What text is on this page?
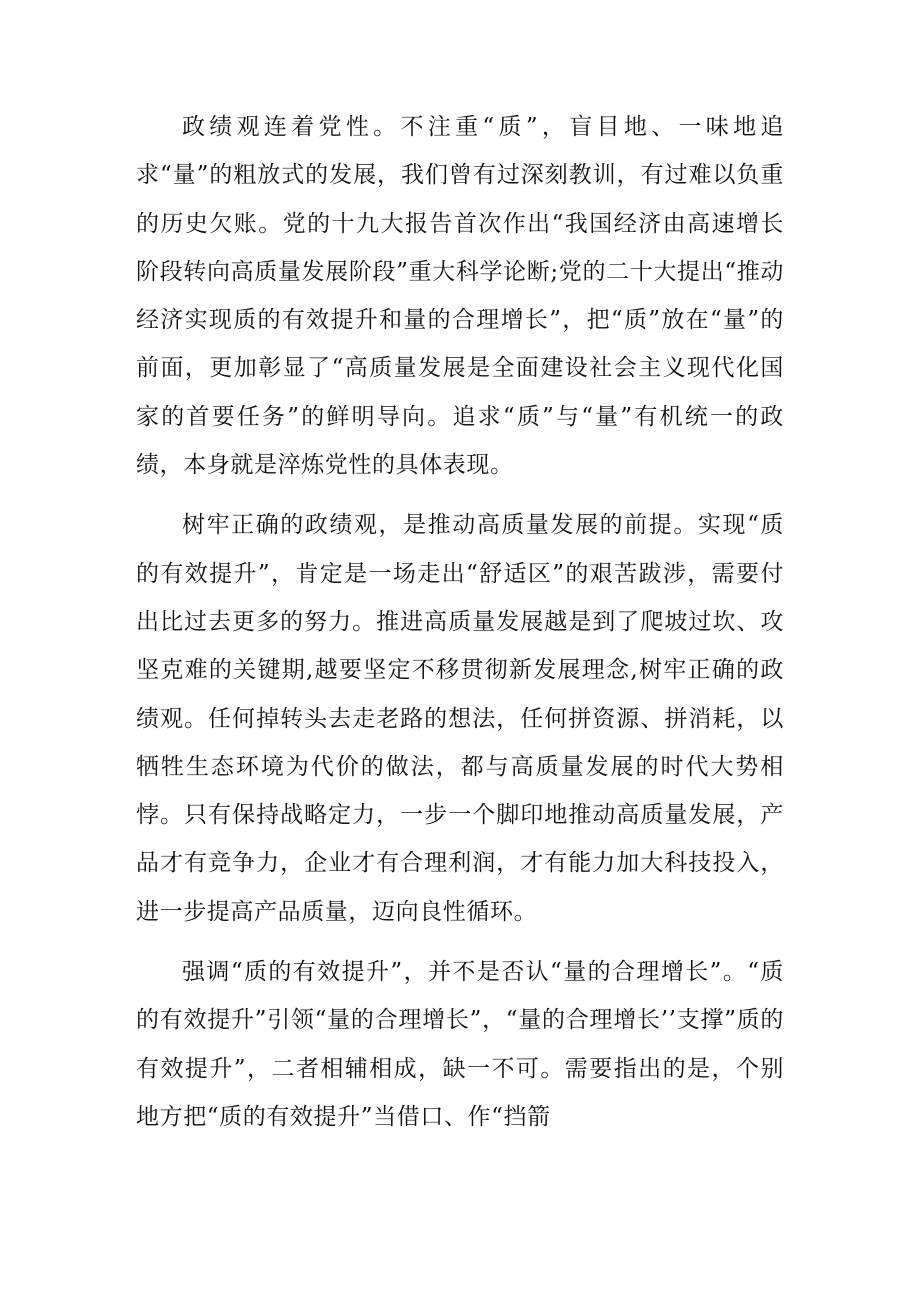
政绩观连着党性。不注重“质”，盲目地、一味地追求“量”的粗放式的发展，我们曾有过深刻教训，有过难以负重的历史欠账。党的十九大报告首次作出“我国经济由高速增长阶段转向高质量发展阶段”重大科学论断;党的二十大提出“推动经济实现质的有效提升和量的合理增长”，把“质”放在“量”的前面，更加彰显了“高质量发展是全面建设社会主义现代化国家的首要任务”的鲜明导向。追求“质”与“量”有机统一的政绩，本身就是淬炼党性的具体表现。

树牢正确的政绩观，是推动高质量发展的前提。实现“质的有效提升”，肯定是一场走出“舒适区”的艰苦跋涉，需要付出比过去更多的努力。推进高质量发展越是到了爬坡过坎、攻坚克难的关键期,越要坚定不移贯彻新发展理念,树牢正确的政绩观。任何掉转头去走老路的想法，任何拼资源、拼消耗，以牺牲生态环境为代价的做法，都与高质量发展的时代大势相悖。只有保持战略定力，一步一个脚印地推动高质量发展，产品才有竞争力，企业才有合理利润，才有能力加大科技投入，进一步提高产品质量，迈向良性循环。

强调“质的有效提升”，并不是否认“量的合理增长”。“质的有效提升”引领“量的合理增长”，“量的合理增长’’支撑”质的有效提升”，二者相辅相成，缺一不可。需要指出的是，个别地方把“质的有效提升”当借口、作“挡箭
